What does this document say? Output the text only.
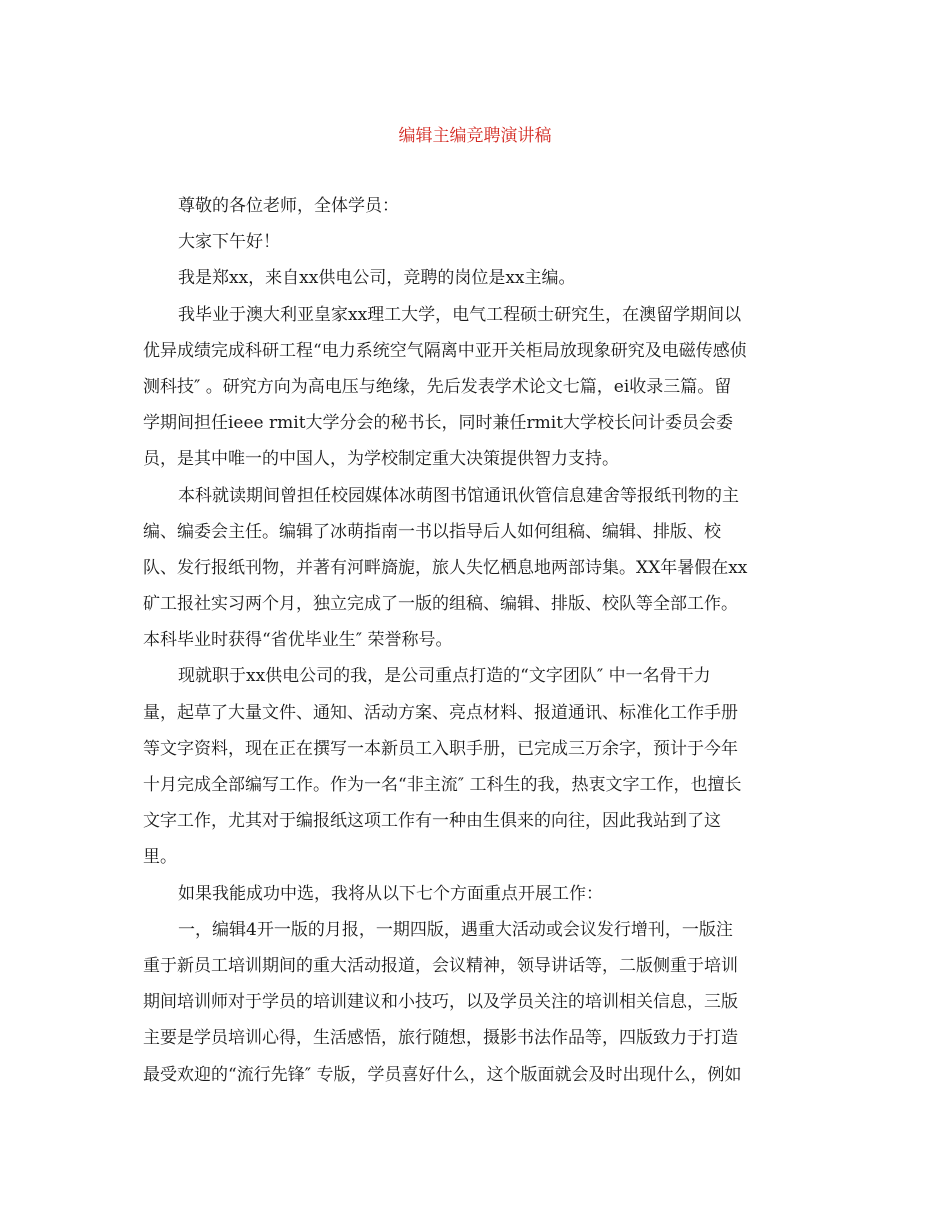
编辑主编竞聘演讲稿
尊敬的各位老师，全体学员：
大家下午好！
我是郑xx，来自xx供电公司，竞聘的岗位是xx主编。
我毕业于澳大利亚皇家xx理工大学，电气工程硕士研究生，在澳留学期间以
优异成绩完成科研工程“电力系统空气隔离中亚开关柜局放现象研究及电磁传感侦
测科技″ 。研究方向为高电压与绝缘，先后发表学术论文七篇，ei收录三篇。留
学期间担任ieee rmit大学分会的秘书长，同时兼任rmit大学校长问计委员会委
员，是其中唯一的中国人，为学校制定重大决策提供智力支持。
本科就读期间曾担任校园媒体冰萌图书馆通讯伙管信息建舍等报纸刊物的主
编、编委会主任。编辑了冰萌指南一书以指导后人如何组稿、编辑、排版、校
队、发行报纸刊物，并著有河畔旖旎，旅人失忆栖息地两部诗集。XX年暑假在xx
矿工报社实习两个月，独立完成了一版的组稿、编辑、排版、校队等全部工作。
本科毕业时获得“省优毕业生″ 荣誉称号。
现就职于xx供电公司的我，是公司重点打造的“文字团队″ 中一名骨干力
量，起草了大量文件、通知、活动方案、亮点材料、报道通讯、标准化工作手册
等文字资料，现在正在撰写一本新员工入职手册，已完成三万余字，预计于今年
十月完成全部编写工作。作为一名“非主流″ 工科生的我，热衷文字工作，也擅长
文字工作，尤其对于编报纸这项工作有一种由生俱来的向往，因此我站到了这
里。
如果我能成功中选，我将从以下七个方面重点开展工作：
一，编辑4开一版的月报，一期四版，遇重大活动或会议发行增刊，一版注
重于新员工培训期间的重大活动报道，会议精神，领导讲话等，二版侧重于培训
期间培训师对于学员的培训建议和小技巧，以及学员关注的培训相关信息，三版
主要是学员培训心得，生活感悟，旅行随想，摄影书法作品等，四版致力于打造
最受欢迎的“流行先锋″ 专版，学员喜好什么，这个版面就会及时出现什么，例如
